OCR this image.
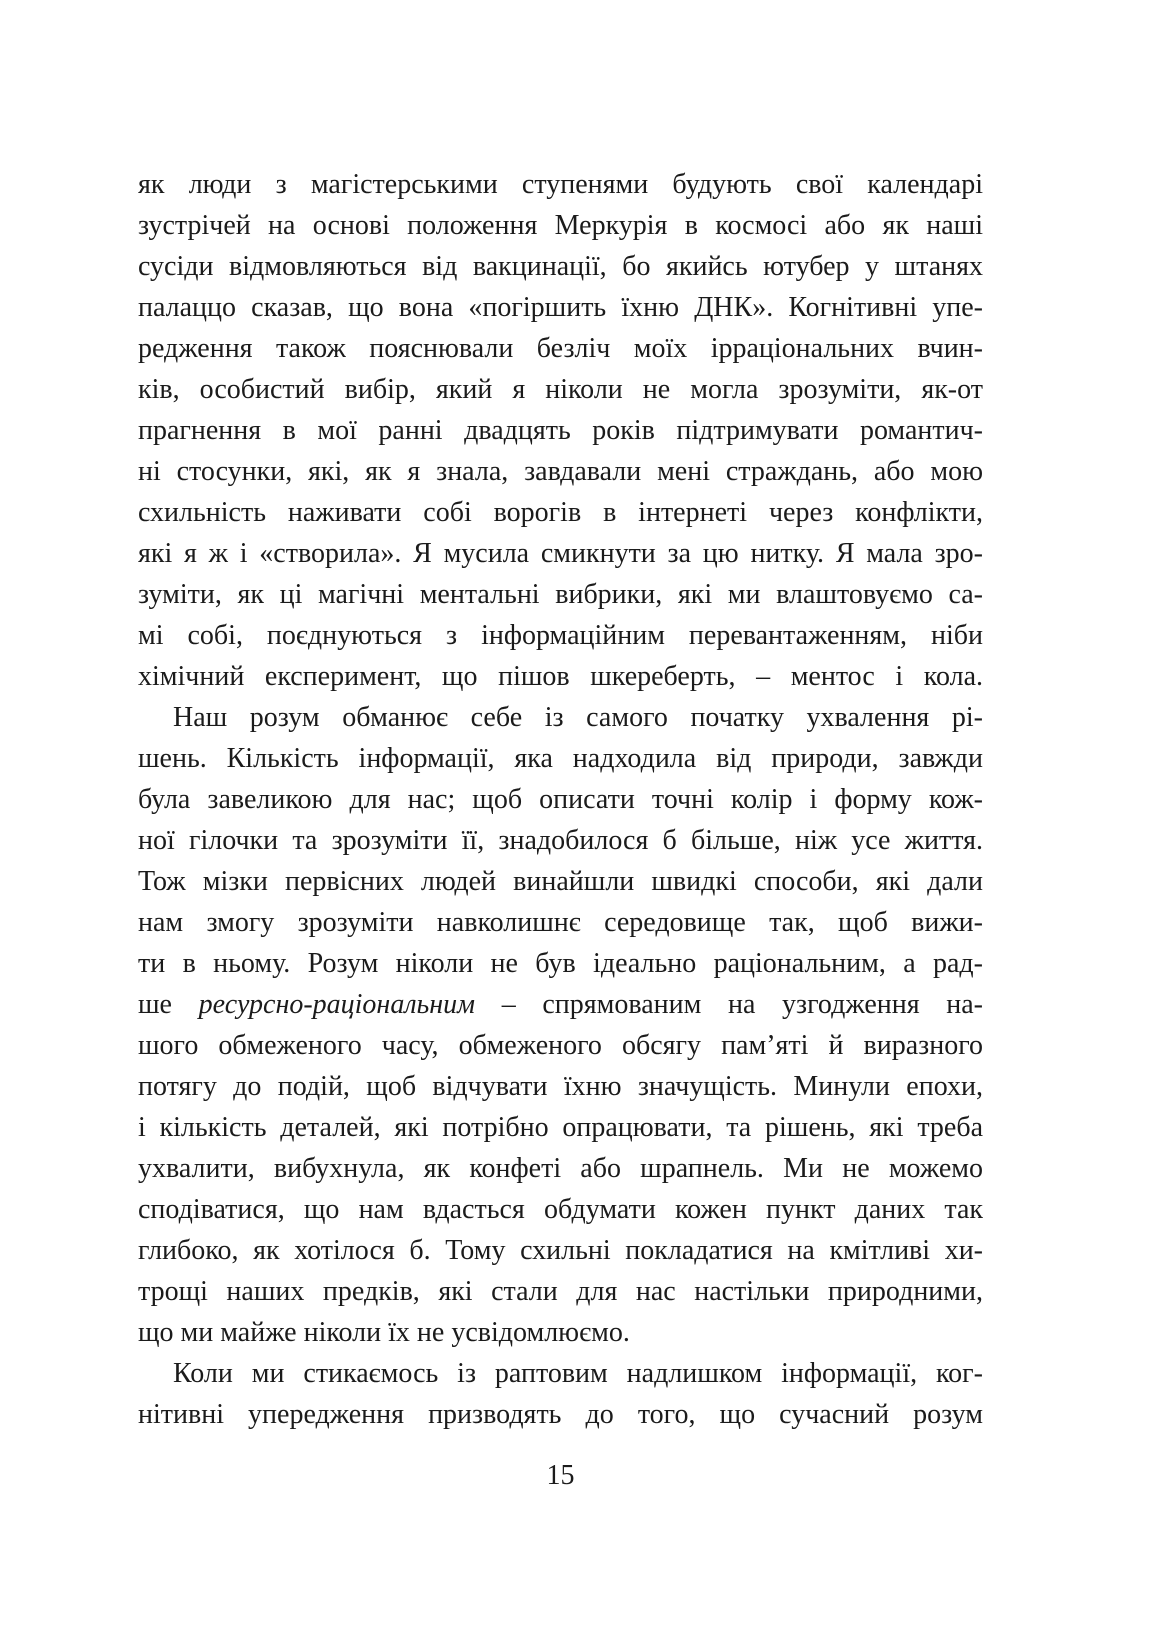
як люди з магістерськими ступенями будують свої календарі
зустрічей на основі положення Меркурія в космосі або як наші
сусіди відмовляються від вакцинації, бо якийсь ютубер у штанях
палаццо сказав, що вона «погіршить їхню ДНК». Когнітивні упе-
редження також пояснювали безліч моїх ірраціональних вчин-
ків, особистий вибір, який я ніколи не могла зрозуміти, як-от
прагнення в мої ранні двадцять років підтримувати романтич-
ні стосунки, які, як я знала, завдавали мені страждань, або мою
схильність наживати собі ворогів в інтернеті через конфлікти,
які я ж і «створила». Я мусила смикнути за цю нитку. Я мала зро-
зуміти, як ці магічні ментальні вибрики, які ми влаштовуємо са-
мі собі, поєднуються з інформаційним перевантаженням, ніби
хімічний експеримент, що пішов шкереберть, – ментос і кола.
Наш розум обманює себе із самого початку ухвалення рі-
шень. Кількість інформації, яка надходила від природи, завжди
була завеликою для нас; щоб описати точні колір і форму кож-
ної гілочки та зрозуміти її, знадобилося б більше, ніж усе життя.
Тож мізки первісних людей винайшли швидкі способи, які дали
нам змогу зрозуміти навколишнє середовище так, щоб вижи-
ти в ньому. Розум ніколи не був ідеально раціональним, а рад-
ше ресурсно-раціональним – спрямованим на узгодження на-
шого обмеженого часу, обмеженого обсягу пам’яті й виразного
потягу до подій, щоб відчувати їхню значущість. Минули епохи,
і кількість деталей, які потрібно опрацювати, та рішень, які треба
ухвалити, вибухнула, як конфеті або шрапнель. Ми не можемо
сподіватися, що нам вдасться обдумати кожен пункт даних так
глибоко, як хотілося б. Тому схильні покладатися на кмітливі хи-
трощі наших предків, які стали для нас настільки природними,
що ми майже ніколи їх не усвідомлюємо.
Коли ми стикаємось із раптовим надлишком інформації, ког-
нітивні упередження призводять до того, що сучасний розум
15
